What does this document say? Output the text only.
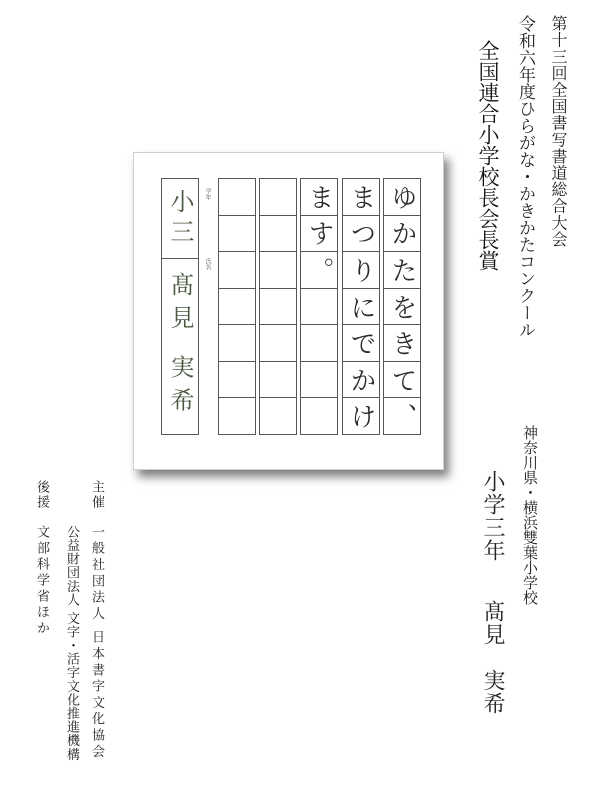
第十三回全国書写書道総合大会
令和六年度ひらがな・かきかたコンクール
全国連合小学校長会長賞
小三
髙見 実希
学年
氏名
ゆ
か
た
を
き
て
、
ま
つ
り
に
で
か
け
ま
す
。
神奈川県・横浜雙葉小学校
小学三年
髙見　実希
主催
一般社団法人 日本書字文化協会
公益財団法人 文字・活字文化推進機構
後援
文部科学省ほか
